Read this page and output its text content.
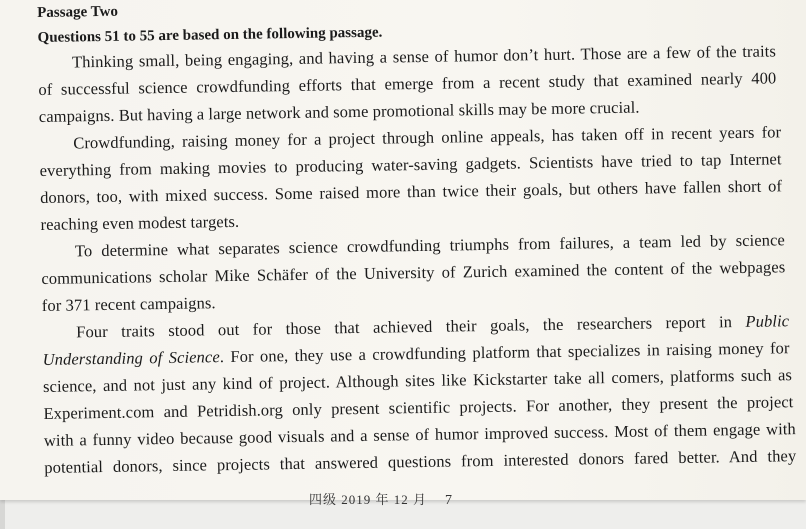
Passage Two
Questions 51 to 55 are based on the following passage.
Thinking small, being engaging, and having a sense of humor don’t hurt. Those are a few of the traits
of successful science crowdfunding efforts that emerge from a recent study that examined nearly 400
campaigns. But having a large network and some promotional skills may be more crucial.
Crowdfunding, raising money for a project through online appeals, has taken off in recent years for
everything from making movies to producing water-saving gadgets. Scientists have tried to tap Internet
donors, too, with mixed success. Some raised more than twice their goals, but others have fallen short of
reaching even modest targets.
To determine what separates science crowdfunding triumphs from failures, a team led by science
communications scholar Mike Schäfer of the University of Zurich examined the content of the webpages
for 371 recent campaigns.
Four traits stood out for those that achieved their goals, the researchers report in Public
Understanding of Science. For one, they use a crowdfunding platform that specializes in raising money for
science, and not just any kind of project. Although sites like Kickstarter take all comers, platforms such as
Experiment.com and Petridish.org only present scientific projects. For another, they present the project
with a funny video because good visuals and a sense of humor improved success. Most of them engage with
potential donors, since projects that answered questions from interested donors fared better. And they
四级 2019 年 12 月 7
